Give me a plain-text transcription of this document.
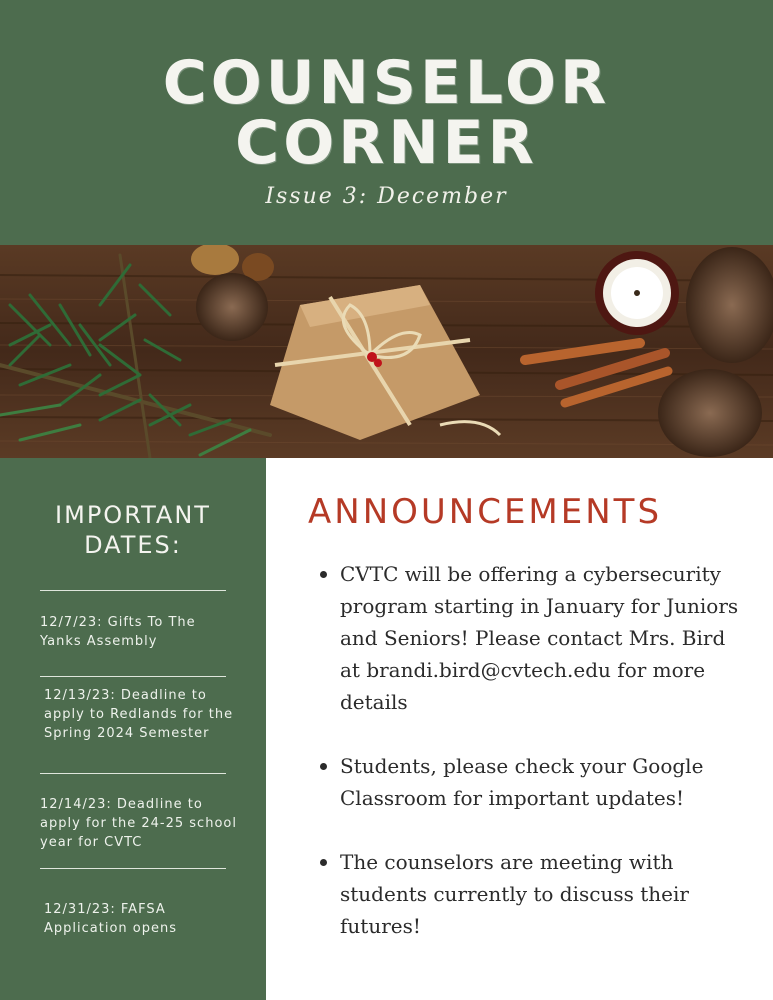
COUNSELOR
CORNER
Issue 3: December
IMPORTANT
DATES:
12/7/23: Gifts To The Yanks Assembly
12/13/23: Deadline to apply to Redlands for the Spring 2024 Semester
12/14/23: Deadline to apply for the 24-25 school year for CVTC
12/31/23: FAFSA Application opens
ANNOUNCEMENTS
CVTC will be offering a cybersecurity program starting in January for Juniors and Seniors! Please contact Mrs. Bird at brandi.bird@cvtech.edu for more details
Students, please check your Google Classroom for important updates!
The counselors are meeting with students currently to discuss their futures!
